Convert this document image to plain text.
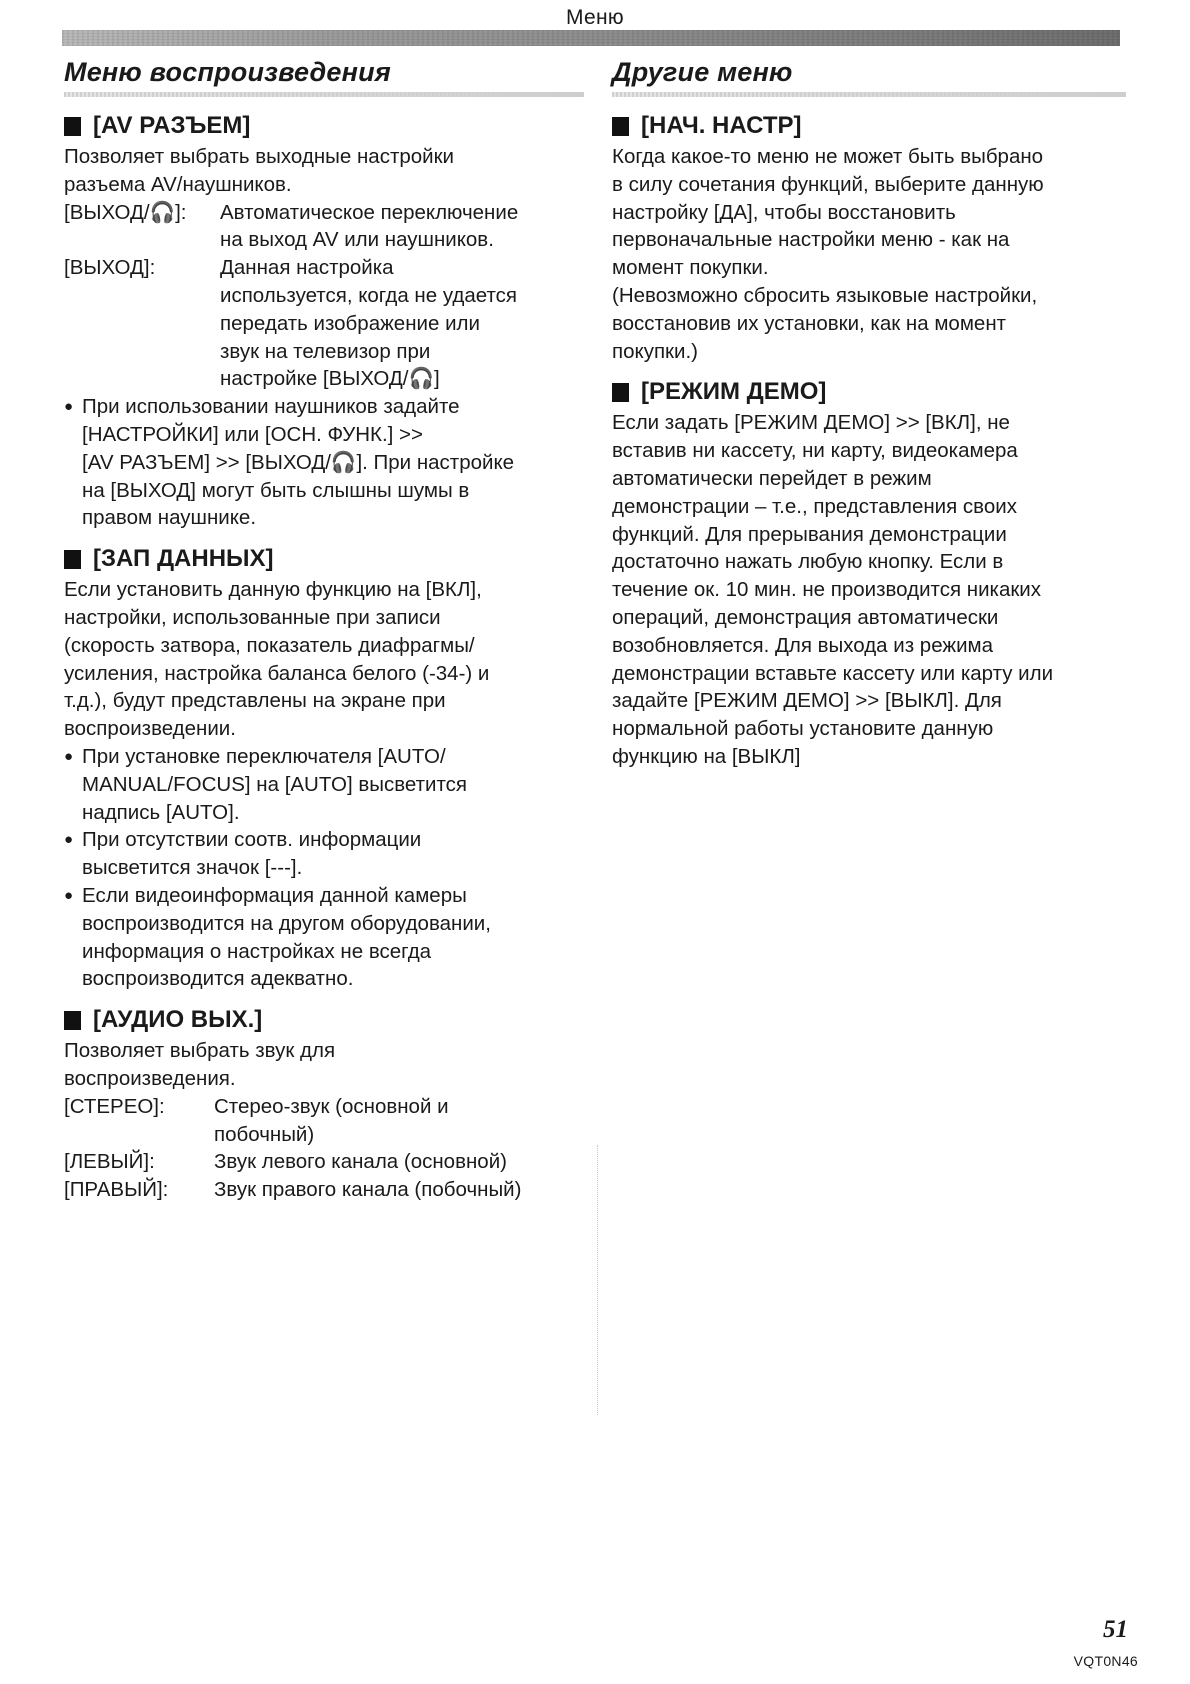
Меню
Меню воспроизведения
[AV РАЗЪЕМ]

Позволяет выбрать выходные настройки

разъема AV/наушников.

[ВЫХОД/🎧]:	Автоматическое переключение
на выход AV или наушников.
[ВЫХОД]:	Данная настройка
используется, когда не удается
передать изображение или
звук на телевизор при
настройке [ВЫХОД/🎧]
● При использовании наушников задайте
[НАСТРОЙКИ] или [ОСН. ФУНК.] >>
[AV РАЗЪЕМ] >> [ВЫХОД/🎧]. При настройке
на [ВЫХОД] могут быть слышны шумы в
правом наушнике.
[ЗАП ДАННЫХ]

Если установить данную функцию на [ВКЛ],

настройки, использованные при записи

(скорость затвора, показатель диафрагмы/

усиления, настройка баланса белого (-34-) и

т.д.), будут представлены на экране при

воспроизведении.

● При установке переключателя [AUTO/
MANUAL/FOCUS] на [AUTO] высветится
надпись [AUTO].
● При отсутствии соотв. информации
высветится значок [---].
● Если видеоинформация данной камеры
воспроизводится на другом оборудовании,
информация о настройках не всегда
воспроизводится адекватно.
[АУДИО ВЫХ.]

Позволяет выбрать звук для

воспроизведения.

[СТЕРЕО]:	Стерео-звук (основной и
побочный)
[ЛЕВЫЙ]:	Звук левого канала (основной)
[ПРАВЫЙ]:	Звук правого канала (побочный)
Другие меню
[НАЧ. НАСТР]

Когда какое-то меню не может быть выбрано

в силу сочетания функций, выберите данную

настройку [ДА], чтобы восстановить

первоначальные настройки меню - как на

момент покупки.

(Невозможно сбросить языковые настройки,

восстановив их установки, как на момент

покупки.)

[РЕЖИМ ДЕМО]

Если задать [РЕЖИМ ДЕМО] >> [ВКЛ], не

вставив ни кассету, ни карту, видеокамера

автоматически перейдет в режим

демонстрации – т.е., представления своих

функций. Для прерывания демонстрации

достаточно нажать любую кнопку. Если в

течение ок. 10 мин. не производится никаких

операций, демонстрация автоматически

возобновляется. Для выхода из режима

демонстрации вставьте кассету или карту или

задайте [РЕЖИМ ДЕМО] >> [ВЫКЛ]. Для

нормальной работы установите данную

функцию на [ВЫКЛ]

51
VQT0N46
